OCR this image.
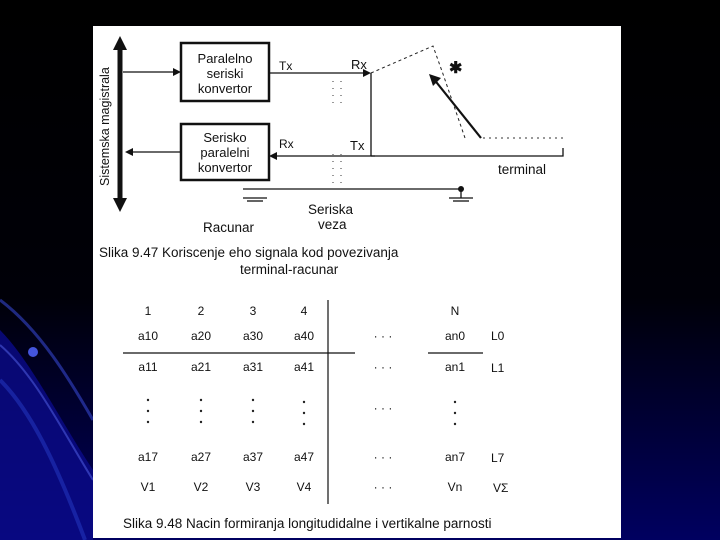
Sistemska magistrala
Paralelno
seriski
konvertor
Serisko
paralelni
konvertor
Tx	Rx
Rx	Tx
✱
terminal
Racunar
Seriska
veza
Slika 9.47 Koriscenje eho signala kod povezivanja
terminal-racunar
1	2	3	4	N
a10	a20	a30	a40	· · ·	an0 L0
a11	a21	a31	a41	· · ·	an1 L1
· · ·
a17	a27	a37	a47	· · ·	an7 L7
V1	V2	V3	V4	· · ·	Vn	VΣ
Slika 9.48 Nacin formiranja longitudidalne i vertikalne parnosti
